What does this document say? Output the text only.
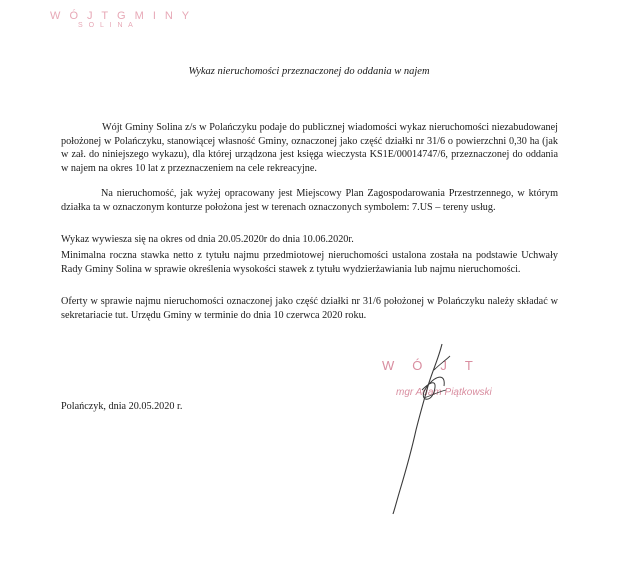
W Ó J T G M I N Y
S O L I N A
Wykaz nieruchomości przeznaczonej do oddania w najem

Wójt Gminy Solina z/s w Polańczyku podaje do publicznej wiadomości wykaz nieruchomości niezabudowanej położonej w Polańczyku, stanowiącej własność Gminy, oznaczonej jako część działki nr 31/6 o powierzchni 0,30 ha (jak w zał. do niniejszego wykazu), dla której urządzona jest księga wieczysta KS1E/00014747/6, przeznaczonej do oddania w najem na okres 10 lat z przeznaczeniem na cele rekreacyjne.

Na nieruchomość, jak wyżej opracowany jest Miejscowy Plan Zagospodarowania Przestrzennego, w którym działka ta w oznaczonym konturze położona jest w terenach oznaczonych symbolem: 7.US – tereny usług.

Wykaz wywiesza się na okres od dnia 20.05.2020r do dnia 10.06.2020r.

Minimalna roczna stawka netto z tytułu najmu przedmiotowej nieruchomości ustalona została na podstawie Uchwały Rady Gminy Solina w sprawie określenia wysokości stawek z tytułu wydzierżawiania lub najmu nieruchomości.

Oferty w sprawie najmu nieruchomości oznaczonej jako część działki nr 31/6 położonej w Polańczyku należy składać w sekretariacie tut. Urzędu Gminy w terminie do dnia 10 czerwca 2020 roku.

Polańczyk, dnia 20.05.2020 r.
WÓJT
mgr Adam Piątkowski
